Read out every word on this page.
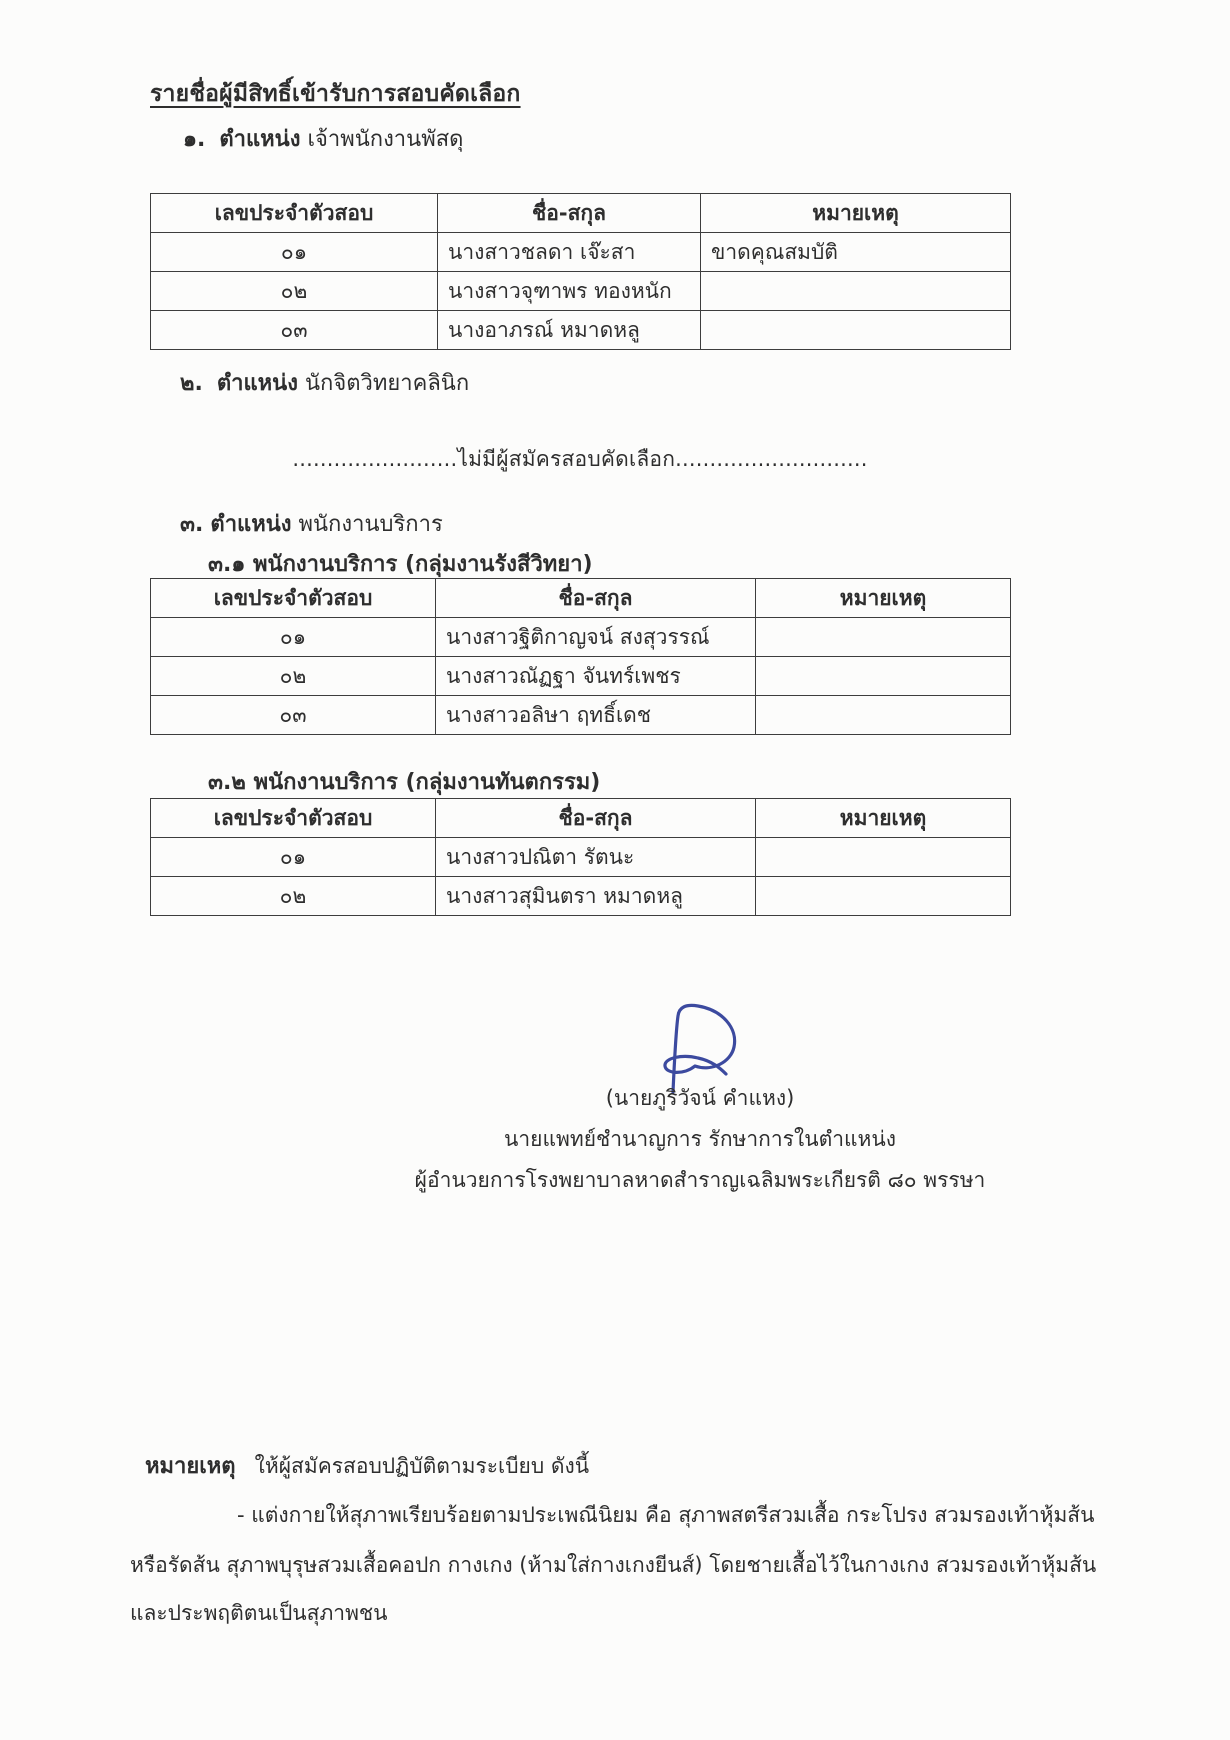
รายชื่อผู้มีสิทธิ์เข้ารับการสอบคัดเลือก
๑. ตำแหน่ง เจ้าพนักงานพัสดุ
เลขประจำตัวสอบ	ชื่อ-สกุล	หมายเหตุ
๐๑	นางสาวชลดา เจ๊ะสา	ขาดคุณสมบัติ
๐๒	นางสาวจุฑาพร ทองหนัก	
๐๓	นางอาภรณ์ หมาดหลู	
๒. ตำแหน่ง นักจิตวิทยาคลินิก
........................ไม่มีผู้สมัครสอบคัดเลือก............................
๓. ตำแหน่ง พนักงานบริการ
๓.๑ พนักงานบริการ (กลุ่มงานรังสีวิทยา)
เลขประจำตัวสอบ	ชื่อ-สกุล	หมายเหตุ
๐๑	นางสาวฐิติกาญจน์ สงสุวรรณ์	
๐๒	นางสาวณัฏฐา จันทร์เพชร	
๐๓	นางสาวอลิษา ฤทธิ์เดช	
๓.๒ พนักงานบริการ (กลุ่มงานทันตกรรม)
เลขประจำตัวสอบ	ชื่อ-สกุล	หมายเหตุ
๐๑	นางสาวปณิตา รัตนะ	
๐๒	นางสาวสุมินตรา หมาดหลู	
(นายภูริวัจน์ คำแหง)
นายแพทย์ชำนาญการ รักษาการในตำแหน่ง
ผู้อำนวยการโรงพยาบาลหาดสำราญเฉลิมพระเกียรติ ๘๐ พรรษา
หมายเหตุ ให้ผู้สมัครสอบปฏิบัติตามระเบียบ ดังนี้
- แต่งกายให้สุภาพเรียบร้อยตามประเพณีนิยม คือ สุภาพสตรีสวมเสื้อ กระโปรง สวมรองเท้าหุ้มส้น
หรือรัดส้น สุภาพบุรุษสวมเสื้อคอปก กางเกง (ห้ามใส่กางเกงยีนส์) โดยชายเสื้อไว้ในกางเกง สวมรองเท้าหุ้มส้น
และประพฤติตนเป็นสุภาพชน
